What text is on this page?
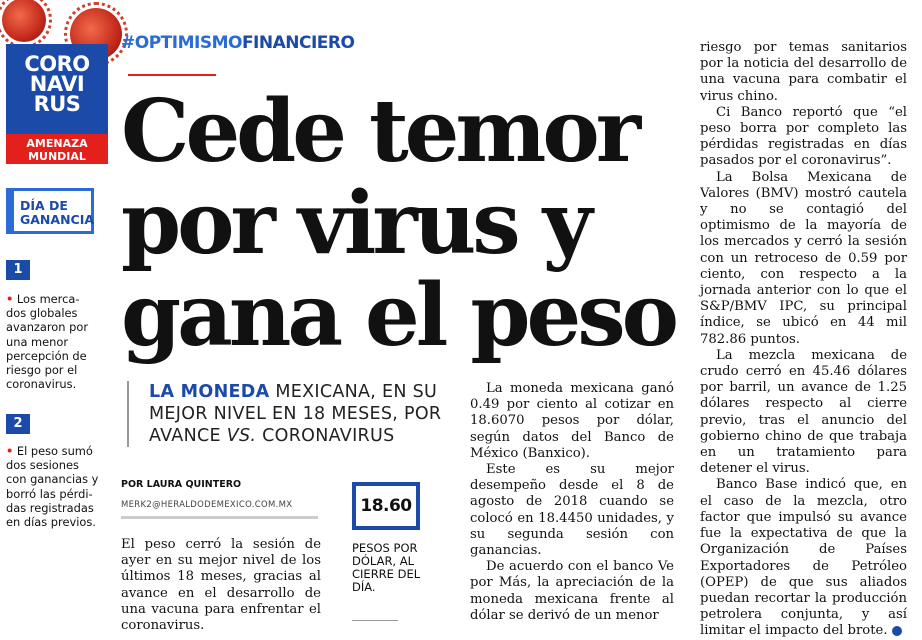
CORO
NAVI
RUS
AMENAZA
MUNDIAL
DÍA DE
GANANCIA
1
• Los merca- dos globales avanzaron por una menor percepción de riesgo por el coronavirus.
2
• El peso sumó dos sesiones con ganancias y borró las pérdi- das registradas en días previos.
#OPTIMISMOFINANCIERO
Cede temor
por virus y
gana el peso
LA MONEDA MEXICANA, EN SU MEJOR NIVEL EN 18 MESES, POR AVANCE VS. CORONAVIRUS
POR LAURA QUINTERO
MERK2@HERALDODEMEXICO.COM.MX	18.60
PESOS POR DÓLAR, AL CIERRE DEL DÍA.

El peso cerró la sesión de ayer en su mejor nivel de los últimos 18 meses, gracias al avance en el desarrollo de una vacuna para enfrentar el coronavirus.

La moneda mexicana ganó 0.49 por ciento al cotizar en 18.6070 pesos por dólar, según datos del Banco de México (Banxico).

Este es su mejor desempeño desde el 8 de agosto de 2018 cuando se colocó en 18.4450 unidades, y su segunda sesión con ganancias.

De acuerdo con el banco Ve por Más, la apreciación de la moneda mexicana frente al dólar se derivó de un menor

riesgo por temas sanitarios por la noticia del desarrollo de una vacuna para combatir el virus chino.

Ci Banco reportó que “el peso borra por completo las pérdidas registradas en días pasados por el coronavirus”.

La Bolsa Mexicana de Valores (BMV) mostró cautela y no se contagió del optimismo de la mayoría de los mercados y cerró la sesión con un retroceso de 0.59 por ciento, con respecto a la jornada anterior con lo que el S&P/BMV IPC, su principal índice, se ubicó en 44 mil 782.86 puntos.

La mezcla mexicana de crudo cerró en 45.46 dólares por barril, un avance de 1.25 dólares respecto al cierre previo, tras el anuncio del gobierno chino de que trabaja en un tratamiento para detener el virus.

Banco Base indicó que, en el caso de la mezcla, otro factor que impulsó su avance fue la expectativa de que la Organización de Países Exportadores de Petróleo (OPEP) de que sus aliados puedan recortar la producción petrolera conjunta, y así limitar el impacto del brote.
